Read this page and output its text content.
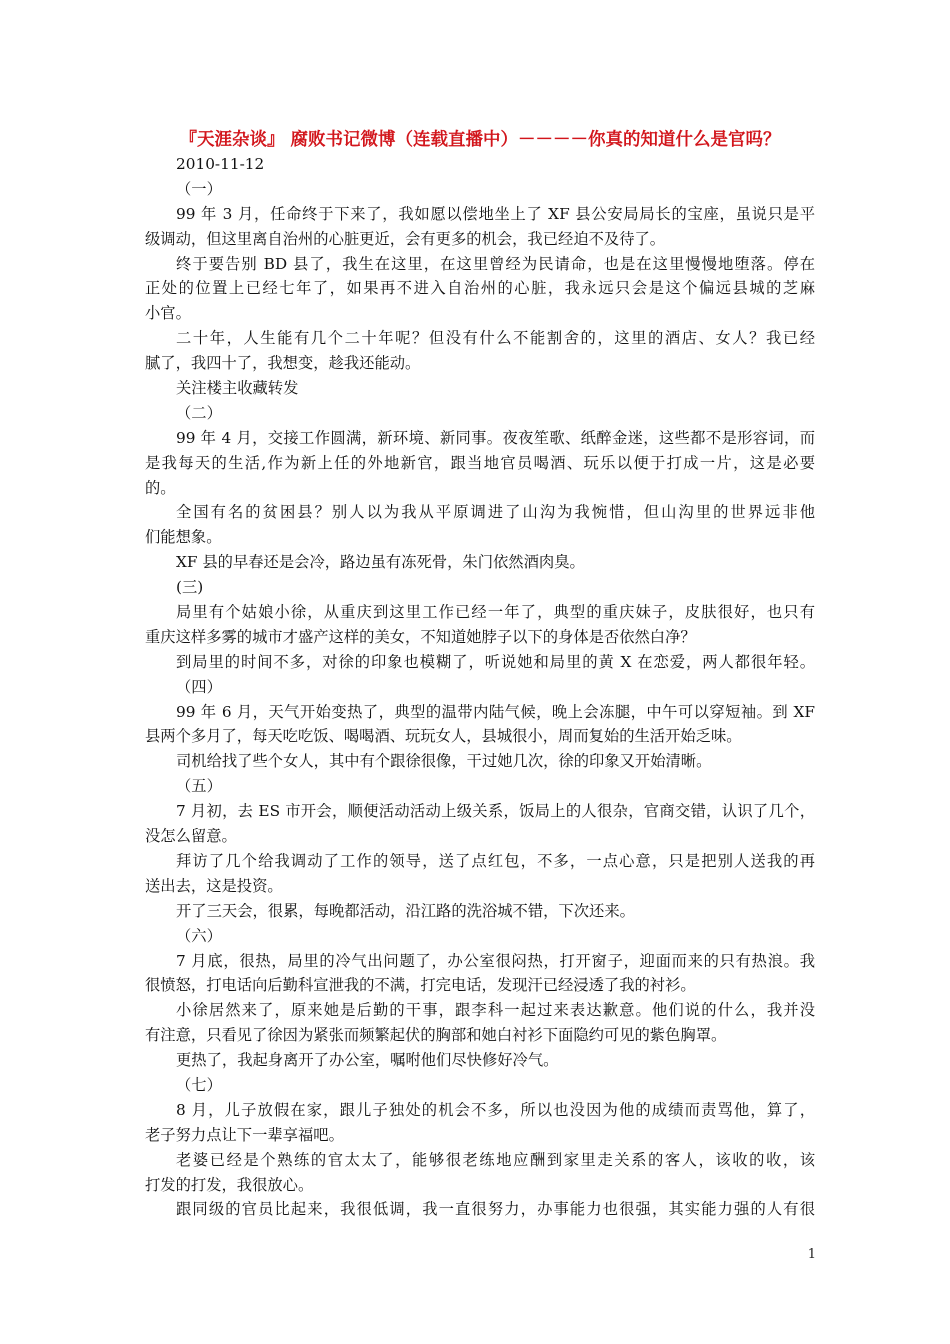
『天涯杂谈』 腐败书记微博（连载直播中）－－－－你真的知道什么是官吗？
2010-11-12
（一）
99 年 3 月，任命终于下来了，我如愿以偿地坐上了 XF 县公安局局长的宝座，虽说只是平
级调动，但这里离自治州的心脏更近，会有更多的机会，我已经迫不及待了。
终于要告别 BD 县了，我生在这里，在这里曾经为民请命，也是在这里慢慢地堕落。停在
正处的位置上已经七年了，如果再不进入自治州的心脏，我永远只会是这个偏远县城的芝麻
小官。
二十年，人生能有几个二十年呢？但没有什么不能割舍的，这里的酒店、女人？我已经
腻了，我四十了，我想变，趁我还能动。
关注楼主收藏转发
（二）
99 年 4 月，交接工作圆满，新环境、新同事。夜夜笙歌、纸醉金迷，这些都不是形容词，而
是我每天的生活,作为新上任的外地新官，跟当地官员喝酒、玩乐以便于打成一片，这是必要
的。
全国有名的贫困县？别人以为我从平原调进了山沟为我惋惜，但山沟里的世界远非他
们能想象。
XF 县的早春还是会冷，路边虽有冻死骨，朱门依然酒肉臭。
(三)
局里有个姑娘小徐，从重庆到这里工作已经一年了，典型的重庆妹子，皮肤很好，也只有
重庆这样多雾的城市才盛产这样的美女，不知道她脖子以下的身体是否依然白净？
到局里的时间不多，对徐的印象也模糊了，听说她和局里的黄 X 在恋爱，两人都很年轻。
（四）
99 年 6 月，天气开始变热了，典型的温带内陆气候，晚上会冻腿，中午可以穿短袖。到 XF
县两个多月了，每天吃吃饭、喝喝酒、玩玩女人，县城很小，周而复始的生活开始乏味。
司机给找了些个女人，其中有个跟徐很像，干过她几次，徐的印象又开始清晰。
（五）
7 月初，去 ES 市开会，顺便活动活动上级关系，饭局上的人很杂，官商交错，认识了几个，
没怎么留意。
拜访了几个给我调动了工作的领导，送了点红包，不多，一点心意，只是把别人送我的再
送出去，这是投资。
开了三天会，很累，每晚都活动，沿江路的洗浴城不错，下次还来。
（六）
7 月底，很热，局里的冷气出问题了，办公室很闷热，打开窗子，迎面而来的只有热浪。我
很愤怒，打电话向后勤科宣泄我的不满，打完电话，发现汗已经浸透了我的衬衫。
小徐居然来了，原来她是后勤的干事，跟李科一起过来表达歉意。他们说的什么，我并没
有注意，只看见了徐因为紧张而频繁起伏的胸部和她白衬衫下面隐约可见的紫色胸罩。
更热了，我起身离开了办公室，嘱咐他们尽快修好冷气。
（七）
8 月，儿子放假在家，跟儿子独处的机会不多，所以也没因为他的成绩而责骂他，算了，
老子努力点让下一辈享福吧。
老婆已经是个熟练的官太太了，能够很老练地应酬到家里走关系的客人，该收的收，该
打发的打发，我很放心。
跟同级的官员比起来，我很低调，我一直很努力，办事能力也很强，其实能力强的人有很
1
